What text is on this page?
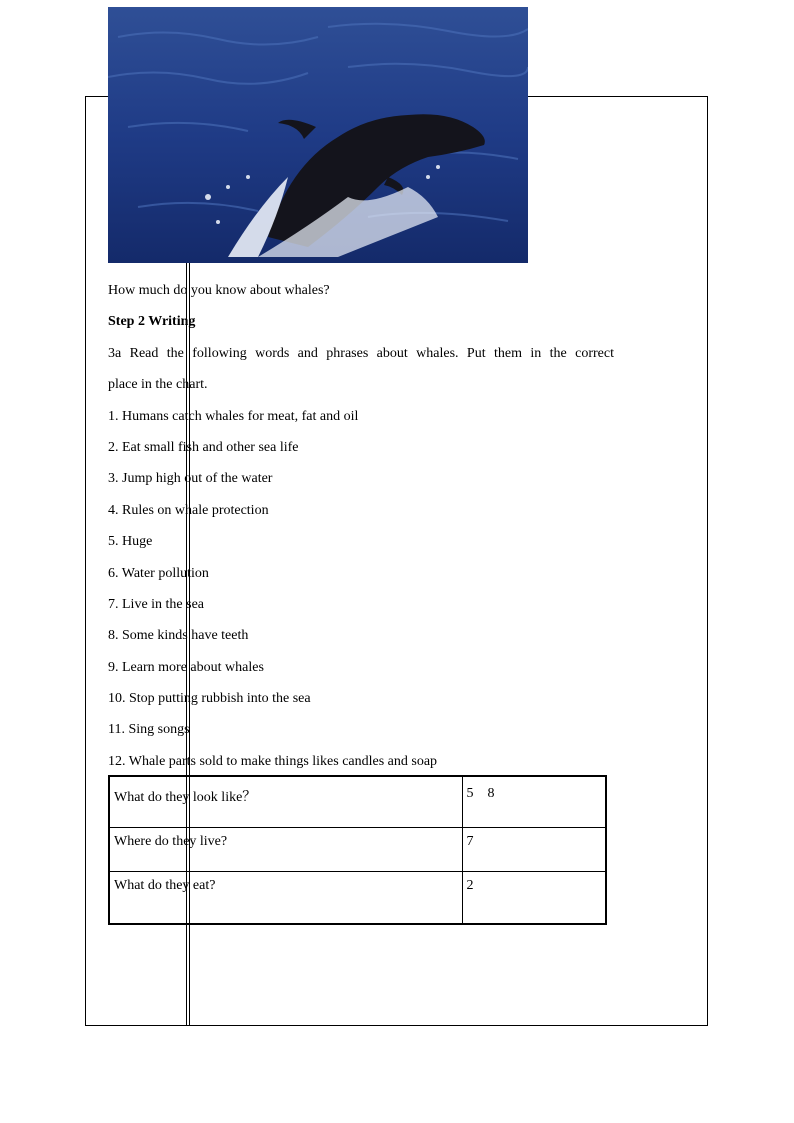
How much do you know about whales?
Step 2 Writing
3a Read the following words and phrases about whales. Put them in the correct
place in the chart.
1. Humans catch whales for meat, fat and oil
2. Eat small fish and other sea life
3. Jump high out of the water
4. Rules on whale protection
5. Huge
6. Water pollution
7. Live in the sea
8. Some kinds have teeth
9. Learn more about whales
10. Stop putting rubbish into the sea
11. Sing songs
12. Whale parts sold to make things likes candles and soap
What do they look like？	5    8
Where do they live?	7
What do they eat?	2
